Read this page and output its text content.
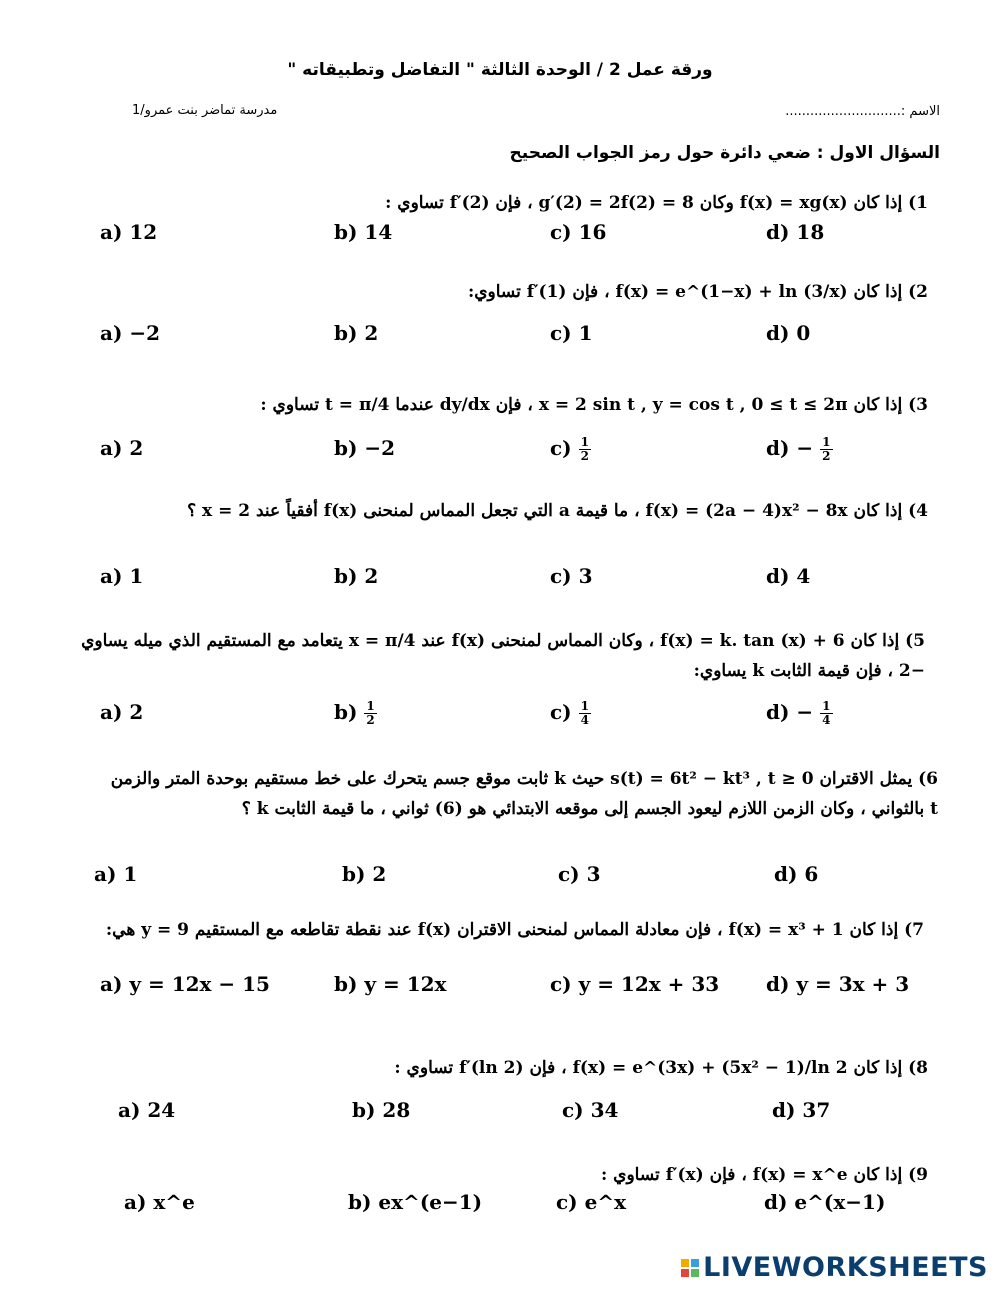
ورقة عمل 2 / الوحدة الثالثة " التفاضل وتطبيقاته "
الاسم :............................
مدرسة تماضر بنت عمرو/1
السؤال الاول : ضعي دائرة حول رمز الجواب الصحيح
1) إذا كان f(x) = xg(x) وكان g′(2) = 2f(2) = 8 ، فإن f′(2) تساوي :
a) 12	b) 14	c) 16	d) 18
2) إذا كان f(x) = e^(1−x) + ln (3/x) ، فإن f′(1) تساوي:
a) −2	b) 2	c) 1	d) 0
3) إذا كان x = 2 sin t , y = cos t , 0 ≤ t ≤ 2π ، فإن dy/dx عندما t = π/4 تساوي :
a) 2	b) −2	$c) \frac{1}{2}$	$d) - \frac{1}{2}$
4) إذا كان f(x) = (2a − 4)x² − 8x ، ما قيمة a التي تجعل المماس لمنحنى f(x) أفقياً عند x = 2 ؟
a) 1	b) 2	c) 3	d) 4
5) إذا كان f(x) = k. tan (x) + 6 ، وكان المماس لمنحنى f(x) عند x = π/4 يتعامد مع المستقيم الذي ميله يساوي −2 ، فإن قيمة الثابت k يساوي:
a) 2	$b) \frac{1}{2}$	$c) \frac{1}{4}$	$d) - \frac{1}{4}$
6) يمثل الاقتران s(t) = 6t² − kt³ , t ≥ 0 حيث k ثابت موقع جسم يتحرك على خط مستقيم بوحدة المتر والزمن t بالثواني ، وكان الزمن اللازم ليعود الجسم إلى موقعه الابتدائي هو (6) ثواني ، ما قيمة الثابت k ؟
a) 1	b) 2	c) 3	d) 6
7) إذا كان f(x) = x³ + 1 ، فإن معادلة المماس لمنحنى الاقتران f(x) عند نقطة تقاطعه مع المستقيم y = 9 هي:
a) y = 12x − 15	b) y = 12x	c) y = 12x + 33 d) y = 3x + 3
8) إذا كان f(x) = e^(3x) + (5x² − 1)/ln 2 ، فإن f′(ln 2) تساوي :
a) 24	b) 28	c) 34	d) 37
9) إذا كان f(x) = x^e ، فإن f′(x) تساوي :
a) x^e	b) ex^(e−1)	c) e^x	d) e^(x−1)
LIVEWORKSHEETS
